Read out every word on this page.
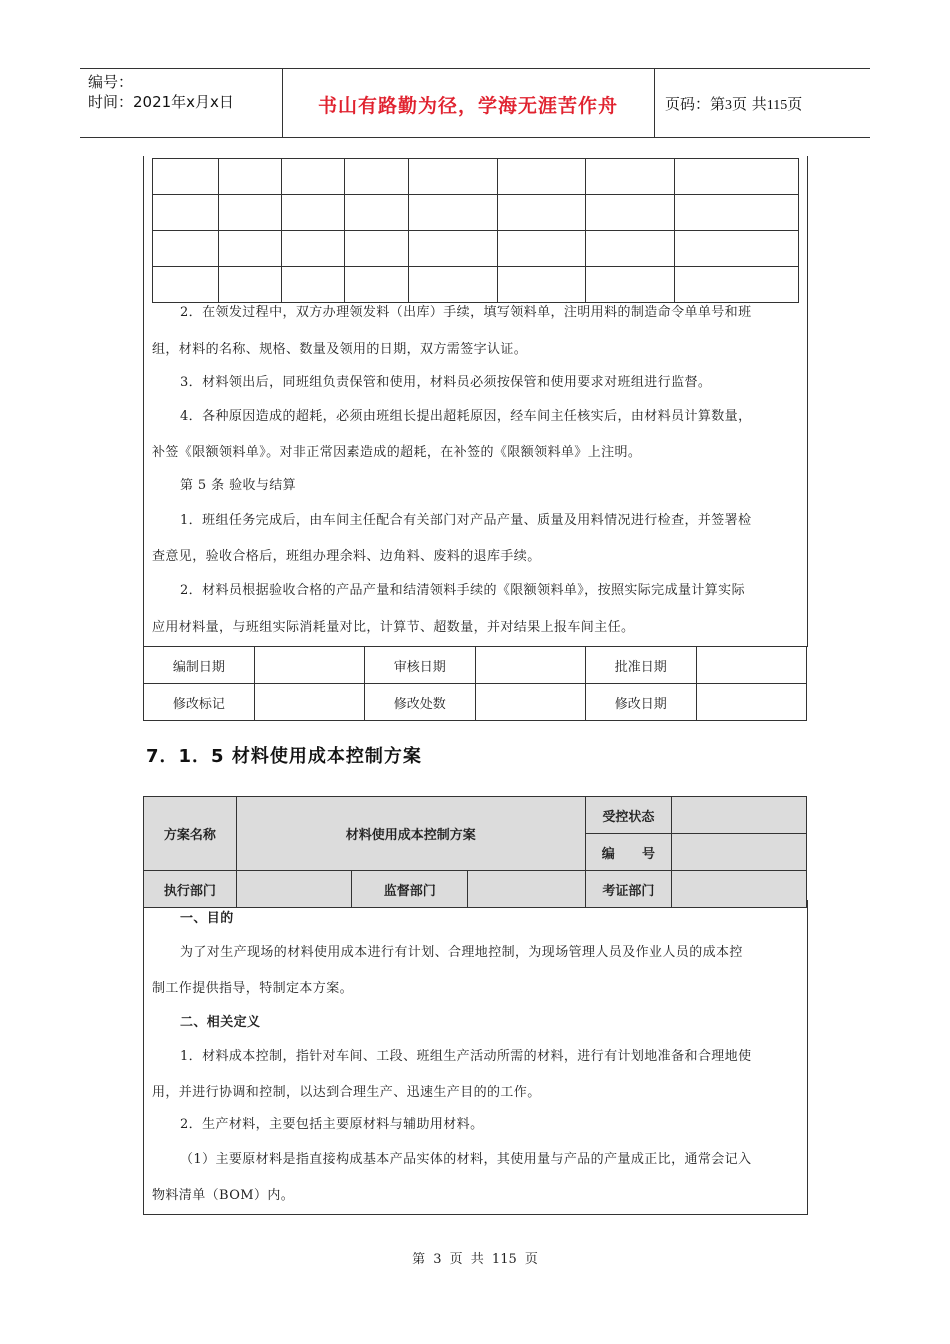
编号：
时间：2021年x月x日	书山有路勤为径，学海无涯苦作舟	页码：第3页 共115页

2．在领发过程中，双方办理领发料（出库）手续，填写领料单，注明用料的制造命令单单号和班
组，材料的名称、规格、数量及领用的日期，双方需签字认证。
3．材料领出后，同班组负责保管和使用，材料员必须按保管和使用要求对班组进行监督。
4．各种原因造成的超耗，必须由班组长提出超耗原因，经车间主任核实后，由材料员计算数量，
补签《限额领料单》。对非正常因素造成的超耗，在补签的《限额领料单》上注明。
第 5 条 验收与结算
1．班组任务完成后，由车间主任配合有关部门对产品产量、质量及用料情况进行检查，并签署检
查意见，验收合格后，班组办理余料、边角料、废料的退库手续。
2．材料员根据验收合格的产品产量和结清领料手续的《限额领料单》，按照实际完成量计算实际
应用材料量，与班组实际消耗量对比，计算节、超数量，并对结果上报车间主任。
编制日期		审核日期		批准日期	
修改标记		修改处数		修改日期	
7．1．5 材料使用成本控制方案
方案名称	材料使用成本控制方案			受控状态	
				编      号	
执行部门		监督部门		考证部门	
一、目的
为了对生产现场的材料使用成本进行有计划、合理地控制，为现场管理人员及作业人员的成本控
制工作提供指导，特制定本方案。
二、相关定义
1．材料成本控制，指针对车间、工段、班组生产活动所需的材料，进行有计划地准备和合理地使
用，并进行协调和控制，以达到合理生产、迅速生产目的的工作。
2．生产材料，主要包括主要原材料与辅助用材料。
（1）主要原材料是指直接构成基本产品实体的材料，其使用量与产品的产量成正比，通常会记入
物料清单（BOM）内。
第 3 页 共 115 页
